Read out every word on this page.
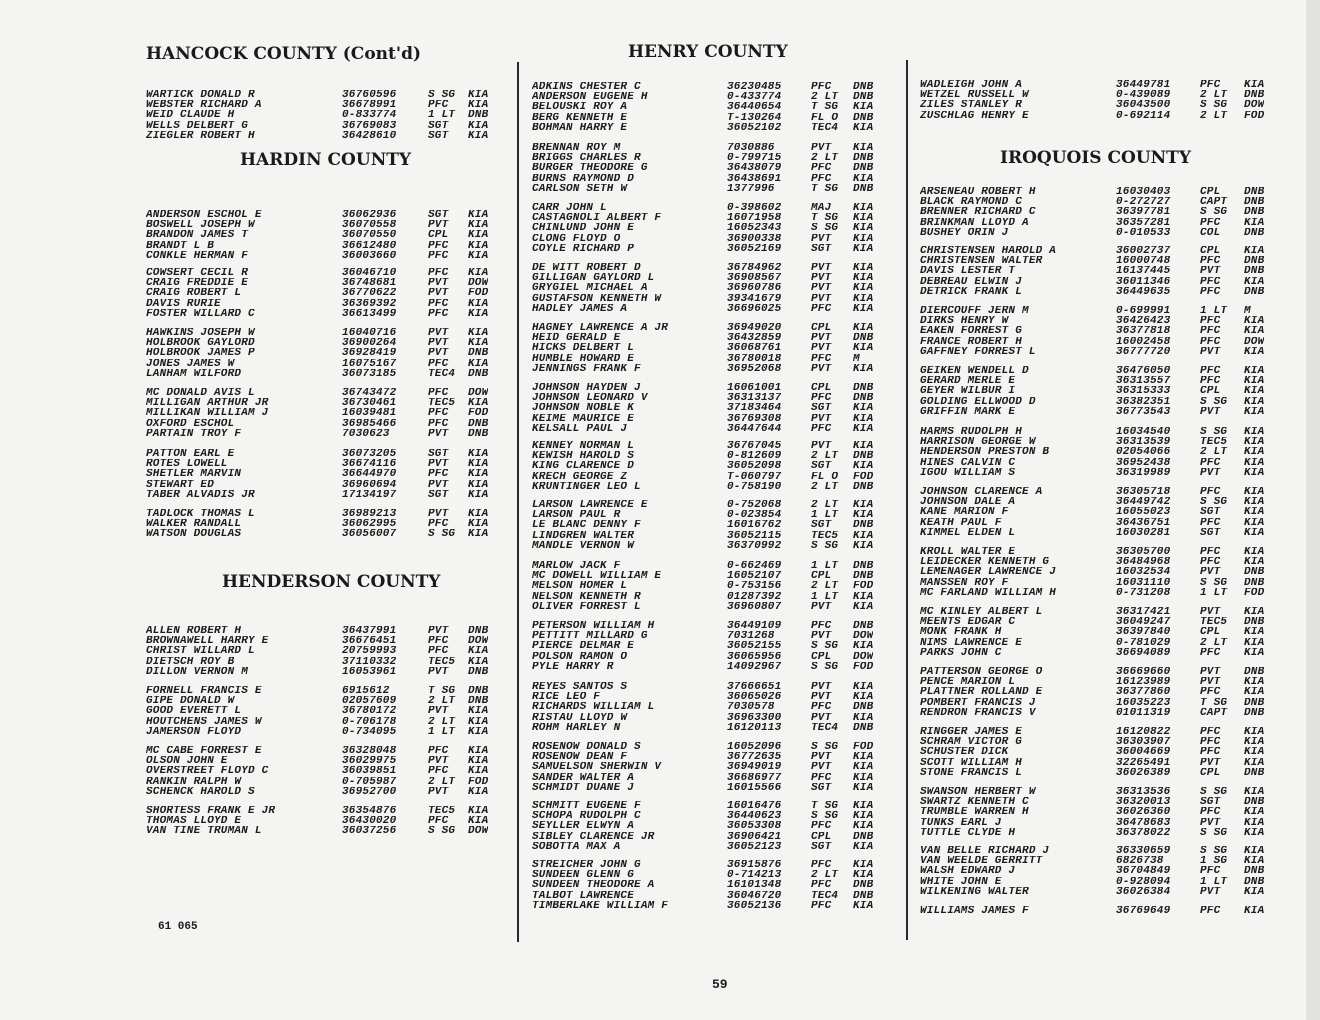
HANCOCK COUNTY (Cont'd)
HARDIN COUNTY
HENDERSON COUNTY
WARTICK DONALD R	36760596	S SG	KIA
WEBSTER RICHARD A	36678991	PFC	KIA
WEID CLAUDE H	0-833774	1 LT	DNB
WELLS DELBERT G	36769083	SGT	KIA
ZIEGLER ROBERT H	36428610	SGT	KIA
ANDERSON ESCHOL E	36062936	SGT	KIA
BOSWELL JOSEPH W	36070558	PVT	KIA
BRANDON JAMES T	36070550	CPL	KIA
BRANDT L B	36612480	PFC	KIA
CONKLE HERMAN F	36003660	PFC	KIA
COWSERT CECIL R	36046710	PFC	KIA
CRAIG FREDDIE E	36748681	PVT	DOW
CRAIG ROBERT L	36770622	PVT	FOD
DAVIS RURIE	36369392	PFC	KIA
FOSTER WILLARD C	36613499	PFC	KIA
HAWKINS JOSEPH W	16040716	PVT	KIA
HOLBROOK GAYLORD	36900264	PVT	KIA
HOLBROOK JAMES P	36928419	PVT	DNB
JONES JAMES W	16075167	PFC	KIA
LANHAM WILFORD	36073185	TEC4	DNB
MC DONALD AVIS L	36743472	PFC	DOW
MILLIGAN ARTHUR JR	36730461	TEC5	KIA
MILLIKAN WILLIAM J	16039481	PFC	FOD
OXFORD ESCHOL	36985466	PFC	DNB
PARTAIN TROY F	7030623	PVT	DNB
PATTON EARL E	36073205	SGT	KIA
ROTES LOWELL	36674116	PVT	KIA
SHETLER MARVIN	36644970	PFC	KIA
STEWART ED	36960694	PVT	KIA
TABER ALVADIS JR	17134197	SGT	KIA
TADLOCK THOMAS L	36989213	PVT	KIA
WALKER RANDALL	36062995	PFC	KIA
WATSON DOUGLAS	36056007	S SG	KIA
ALLEN ROBERT H	36437991	PVT	DNB
BROWNAWELL HARRY E	36676451	PFC	DOW
CHRIST WILLARD L	20759993	PFC	KIA
DIETSCH ROY B	37110332	TEC5	KIA
DILLON VERNON M	16053961	PVT	DNB
FORNELL FRANCIS E	6915612	T SG	DNB
GIPE DONALD W	02057609	2 LT	DNB
GOOD EVERETT L	36780172	PVT	KIA
HOUTCHENS JAMES W	0-706178	2 LT	KIA
JAMERSON FLOYD	0-734095	1 LT	KIA
MC CABE FORREST E	36328048	PFC	KIA
OLSON JOHN E	36029975	PVT	KIA
OVERSTREET FLOYD C	36039851	PFC	KIA
RANKIN RALPH W	0-705987	2 LT	FOD
SCHENCK HAROLD S	36952700	PVT	KIA
SHORTESS FRANK E JR	36354876	TEC5	KIA
THOMAS LLOYD E	36430020	PFC	KIA
VAN TINE TRUMAN L	36037256	S SG	DOW
HENRY COUNTY
ADKINS CHESTER C	36230485	PFC	DNB
ANDERSON EUGENE H	0-433774	2 LT	DNB
BELOUSKI ROY A	36440654	T SG	KIA
BERG KENNETH E	T-130264	FL O	DNB
BOHMAN HARRY E	36052102	TEC4	KIA
BRENNAN ROY M	7030886	PVT	KIA
BRIGGS CHARLES R	0-799715	2 LT	DNB
BURGER THEODORE G	36438079	PFC	DNB
BURNS RAYMOND D	36438691	PFC	KIA
CARLSON SETH W	1377996	T SG	DNB
CARR JOHN L	0-398602	MAJ	KIA
CASTAGNOLI ALBERT F	16071958	T SG	KIA
CHINLUND JOHN E	16052343	S SG	KIA
CLONG FLOYD O	36900338	PVT	KIA
COYLE RICHARD P	36052169	SGT	KIA
DE WITT ROBERT D	36784962	PVT	KIA
GILLIGAN GAYLORD L	36908567	PVT	KIA
GRYGIEL MICHAEL A	36960786	PVT	KIA
GUSTAFSON KENNETH W	39341679	PVT	KIA
HADLEY JAMES A	36696025	PFC	KIA
HAGNEY LAWRENCE A JR	36949020	CPL	KIA
HEID GERALD E	36432859	PVT	DNB
HICKS DELBERT L	36068761	PVT	KIA
HUMBLE HOWARD E	36780018	PFC	M
JENNINGS FRANK F	36952068	PVT	KIA
JOHNSON HAYDEN J	16061001	CPL	DNB
JOHNSON LEONARD V	36313137	PFC	DNB
JOHNSON NOBLE K	37183464	SGT	KIA
KEIME MAURICE E	36769308	PVT	KIA
KELSALL PAUL J	36447644	PFC	KIA
KENNEY NORMAN L	36767045	PVT	KIA
KEWISH HAROLD S	0-812609	2 LT	DNB
KING CLARENCE D	36052098	SGT	KIA
KRECH GEORGE Z	T-060797	FL O	FOD
KRUNTINGER LEO L	0-758190	2 LT	DNB
LARSON LAWRENCE E	0-752068	2 LT	KIA
LARSON PAUL R	0-023854	1 LT	KIA
LE BLANC DENNY F	16016762	SGT	DNB
LINDGREN WALTER	36052115	TEC5	KIA
MANDLE VERNON W	36370992	S SG	KIA
MARLOW JACK F	0-662469	1 LT	DNB
MC DOWELL WILLIAM E	16052107	CPL	DNB
MELSON HOMER L	0-753156	2 LT	FOD
NELSON KENNETH R	01287392	1 LT	KIA
OLIVER FORREST L	36960807	PVT	KIA
PETERSON WILLIAM H	36449109	PFC	DNB
PETTITT MILLARD G	7031268	PVT	DOW
PIERCE DELMAR E	36052155	S SG	KIA
POLSON RAMON O	36065956	CPL	DOW
PYLE HARRY R	14092967	S SG	FOD
REYES SANTOS S	37666651	PVT	KIA
RICE LEO F	36065026	PVT	KIA
RICHARDS WILLIAM L	7030578	PFC	DNB
RISTAU LLOYD W	36963300	PVT	KIA
ROHM HARLEY N	16120113	TEC4	DNB
ROSENOW DONALD S	16052096	S SG	FOD
ROSENOW DEAN F	36772635	PVT	KIA
SAMUELSON SHERWIN V	36949019	PVT	KIA
SANDER WALTER A	36686977	PFC	KIA
SCHMIDT DUANE J	16015566	SGT	KIA
SCHMITT EUGENE F	16016476	T SG	KIA
SCHOPA RUDOLPH C	36440623	S SG	KIA
SEYLLER ELWYN A	36053308	PFC	KIA
SIBLEY CLARENCE JR	36906421	CPL	DNB
SOBOTTA MAX A	36052123	SGT	KIA
STREICHER JOHN G	36915876	PFC	KIA
SUNDEEN GLENN G	0-714213	2 LT	KIA
SUNDEEN THEODORE A	16101348	PFC	DNB
TALBOT LAWRENCE	36046720	TEC4	DNB
TIMBERLAKE WILLIAM F	36052136	PFC	KIA
IROQUOIS COUNTY
WADLEIGH JOHN A	36449781	PFC	KIA
WETZEL RUSSELL W	0-439089	2 LT	DNB
ZILES STANLEY R	36043500	S SG	DOW
ZUSCHLAG HENRY E	0-692114	2 LT	FOD
ARSENEAU ROBERT H	16030403	CPL	DNB
BLACK RAYMOND C	0-272727	CAPT	DNB
BRENNER RICHARD C	36397781	S SG	DNB
BRINKMAN LLOYD A	36357281	PFC	KIA
BUSHEY ORIN J	0-010533	COL	DNB
CHRISTENSEN HAROLD A	36002737	CPL	KIA
CHRISTENSEN WALTER	16000748	PFC	DNB
DAVIS LESTER T	16137445	PVT	DNB
DEBREAU ELWIN J	36011346	PFC	KIA
DETRICK FRANK L	36449635	PFC	DNB
DIERCOUFF JERN M	0-699991	1 LT	M
DIRKS HENRY W	36426423	PFC	KIA
EAKEN FORREST G	36377818	PFC	KIA
FRANCE ROBERT H	16002458	PFC	DOW
GAFFNEY FORREST L	36777720	PVT	KIA
GEIKEN WENDELL D	36476050	PFC	KIA
GERARD MERLE E	36313557	PFC	KIA
GEYER WILBUR I	36315333	CPL	KIA
GOLDING ELLWOOD D	36382351	S SG	KIA
GRIFFIN MARK E	36773543	PVT	KIA
HARMS RUDOLPH H	16034540	S SG	KIA
HARRISON GEORGE W	36313539	TEC5	KIA
HENDERSON PRESTON B	02054066	2 LT	KIA
HINES CALVIN C	36952438	PFC	KIA
IGOU WILLIAM S	36319989	PVT	KIA
JOHNSON CLARENCE A	36305718	PFC	KIA
JOHNSON DALE A	36449742	S SG	KIA
KANE MARION F	16055023	SGT	KIA
KEATH PAUL F	36436751	PFC	KIA
KIMMEL ELDEN L	16030281	SGT	KIA
KROLL WALTER E	36305700	PFC	KIA
LEIDECKER KENNETH G	36484968	PFC	KIA
LEMENAGER LAWRENCE J	16032534	PVT	DNB
MANSSEN ROY F	16031110	S SG	DNB
MC FARLAND WILLIAM H	0-731208	1 LT	FOD
MC KINLEY ALBERT L	36317421	PVT	KIA
MEENTS EDGAR C	36049247	TEC5	DNB
MONK FRANK H	36397840	CPL	KIA
NIMS LAWRENCE E	0-781029	2 LT	KIA
PARKS JOHN C	36694089	PFC	KIA
PATTERSON GEORGE O	36669660	PVT	DNB
PENCE MARION L	16123989	PVT	KIA
PLATTNER ROLLAND E	36377860	PFC	KIA
POMBERT FRANCIS J	16035223	T SG	DNB
RENDRON FRANCIS V	01011319	CAPT	DNB
RINGGER JAMES E	16120822	PFC	KIA
SCHRAM VICTOR G	36303907	PFC	KIA
SCHUSTER DICK	36004669	PFC	KIA
SCOTT WILLIAM H	32265491	PVT	KIA
STONE FRANCIS L	36026389	CPL	DNB
SWANSON HERBERT W	36313536	S SG	KIA
SWARTZ KENNETH C	36320013	SGT	DNB
TRUMBLE WARREN H	36026360	PFC	KIA
TUNKS EARL J	36478683	PVT	KIA
TUTTLE CLYDE H	36378022	S SG	KIA
VAN BELLE RICHARD J	36330659	S SG	KIA
VAN WEELDE GERRITT	6826738	1 SG	KIA
WALSH EDWARD J	36704849	PFC	DNB
WHITE JOHN E	0-928094	1 LT	DNB
WILKENING WALTER	36026384	PVT	KIA
WILLIAMS JAMES F	36769649	PFC	KIA
61 065
59
